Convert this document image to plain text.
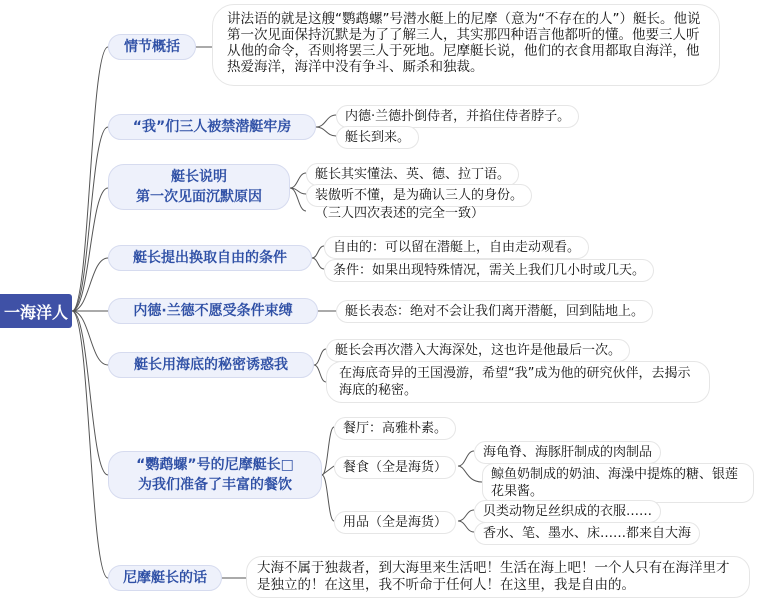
一海洋人
情节概括
讲法语的就是这艘“鹦鹉螺”号潜水艇上的尼摩（意为“不存在的人”）艇长。他说第一次见面保持沉默是为了了解三人，其实那四种语言他都听的懂。他要三人听从他的命令，否则将罢三人于死地。尼摩艇长说，他们的衣食用都取自海洋，他热爱海洋，海洋中没有争斗、厮杀和独裁。
“我”们三人被禁潜艇牢房
内德·兰德扑倒侍者，并掐住侍者脖子。
艇长到来。
艇长说明
第一次见面沉默原因
艇长其实懂法、英、德、拉丁语。
装傲听不懂，是为确认三人的身份。
（三人四次表述的完全一致）
艇长提出换取自由的条件
自由的：可以留在潜艇上，自由走动观看。
条件：如果出现特殊情况，需关上我们几小时或几天。
内德·兰德不愿受条件束缚	艇长表态：绝对不会让我们离开潜艇，回到陆地上。
艇长用海底的秘密诱惑我
艇长会再次潜入大海深处，这也许是他最后一次。
在海底奇异的王国漫游，希望“我”成为他的研究伙伴，去揭示海底的秘密。
“鹦鹉螺”号的尼摩艇长□
为我们准备了丰富的餐饮
餐厅：高雅朴素。
餐食（全是海货）
海龟脊、海豚肝制成的肉制品
鲸鱼奶制成的奶油、海澡中提炼的糖、银莲花果酱。
用品（全是海货）
贝类动物足丝织成的衣服……
香水、笔、墨水、床……都来自大海
尼摩艇长的话
大海不属于独裁者，到大海里来生活吧！生活在海上吧！一个人只有在海洋里才是独立的！在这里，我不听命于任何人！在这里，我是自由的。
